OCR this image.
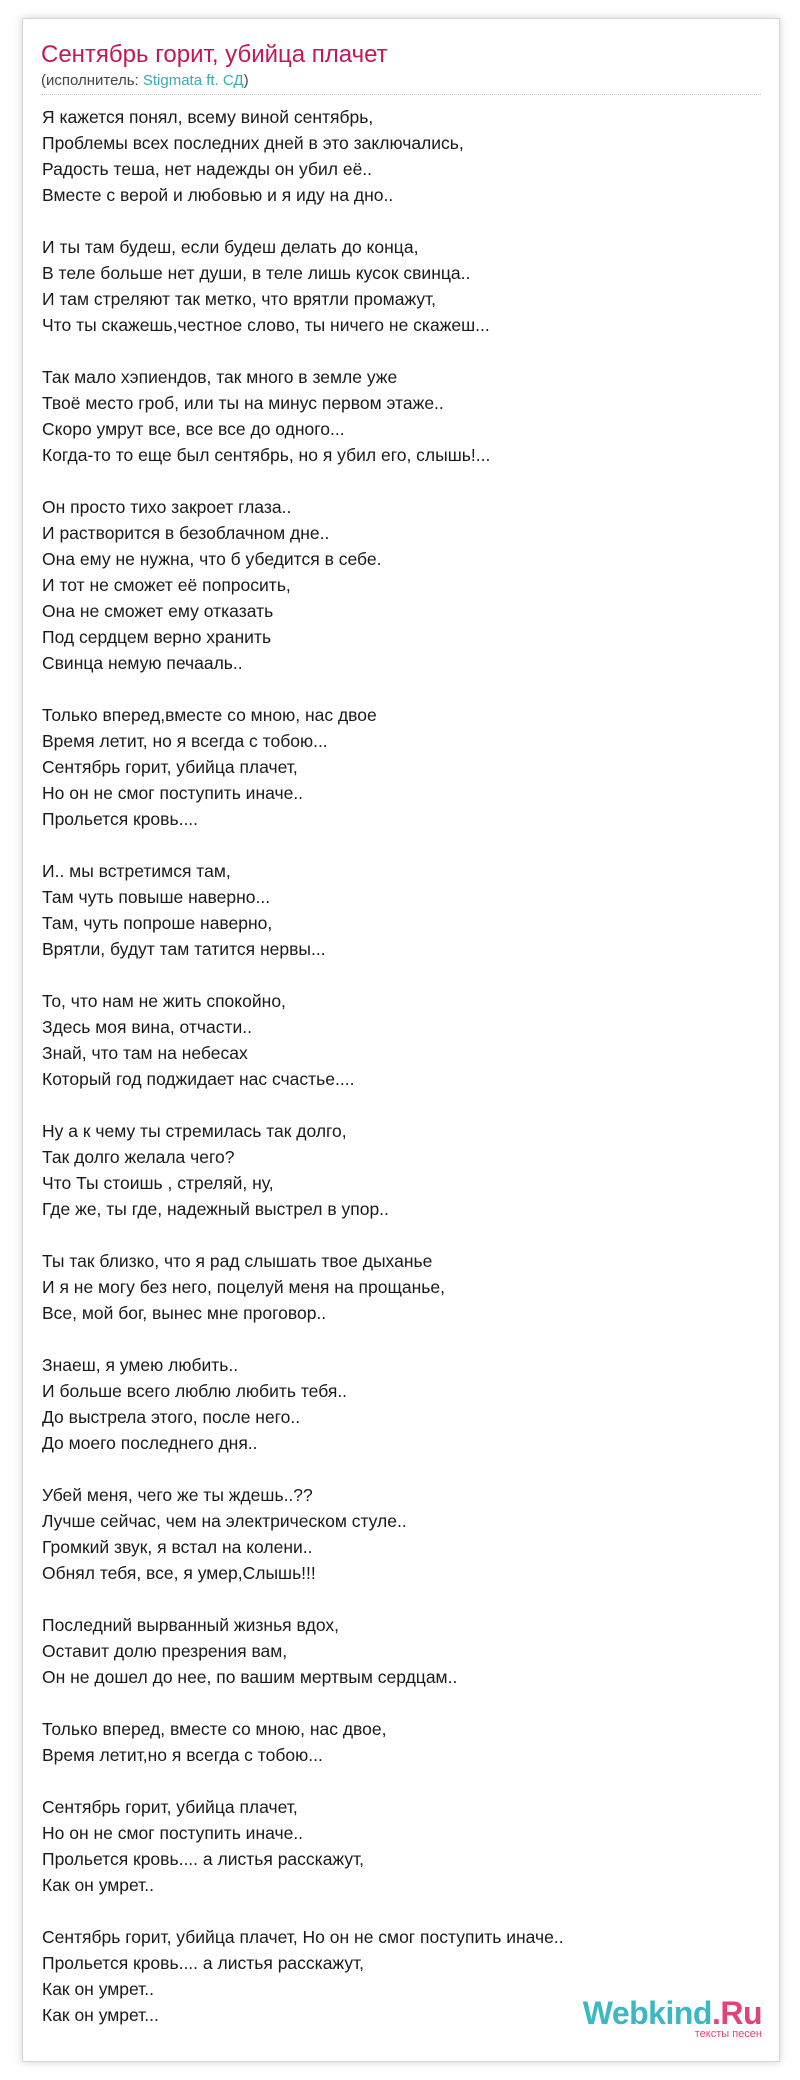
Сентябрь горит, убийца плачет
(исполнитель: Stigmata ft. СД)
Я кажется понял, всему виной сентябрь,
Проблемы всех последних дней в это заключались,
Радость теша, нет надежды он убил её..
Вместе с верой и любовью и я иду на дно..
И ты там будеш, если будеш делать до конца,
В теле больше нет души, в теле лишь кусок свинца..
И там стреляют так метко, что врятли промажут,
Что ты скажешь,честное слово, ты ничего не скажеш...
Так мало хэпиендов, так много в земле уже
Твоё место гроб, или ты на минус первом этаже..
Скоро умрут все, все все до одного...
Когда-то то еще был сентябрь, но я убил его, слышь!...
Он просто тихо закроет глаза..
И растворится в безоблачном дне..
Она ему не нужна, что б убедится в себе.
И тот не сможет её попросить,
Она не сможет ему отказать
Под сердцем верно хранить
Свинца немую печааль..
Только вперед,вместе со мною, нас двое
Время летит, но я всегда с тобою...
Сентябрь горит, убийца плачет,
Но он не смог поступить иначе..
Прольется кровь....
И.. мы встретимся там,
Там чуть повыше наверно...
Там, чуть попроше наверно,
Врятли, будут там татится нервы...
То, что нам не жить спокойно,
Здесь моя вина, отчасти..
Знай, что там на небесах
Который год поджидает нас счастье....
Ну а к чему ты стремилась так долго,
Так долго желала чего?
Что Ты стоишь , стреляй, ну,
Где же, ты где, надежный выстрел в упор..
Ты так близко, что я рад слышать твое дыханье
И я не могу без него, поцелуй меня на прощанье,
Все, мой бог, вынес мне проговор..
Знаеш, я умею любить..
И больше всего люблю любить тебя..
До выстрела этого, после него..
До моего последнего дня..
Убей меня, чего же ты ждешь..??
Лучше сейчас, чем на электрическом стуле..
Громкий звук, я встал на колени..
Обнял тебя, все, я умер,Слышь!!!
Последний вырванный жизнья вдох,
Оставит долю презрения вам,
Он не дошел до нее, по вашим мертвым сердцам..
Только вперед, вместе со мною, нас двое,
Время летит,но я всегда с тобою...
Сентябрь горит, убийца плачет,
Но он не смог поступить иначе..
Прольется кровь.... а листья расскажут,
Как он умрет..
Сентябрь горит, убийца плачет, Но он не смог поступить иначе..
Прольется кровь.... а листья расскажут,
Как он умрет..
Как он умрет...	Webkind.Ru
тексты песен
